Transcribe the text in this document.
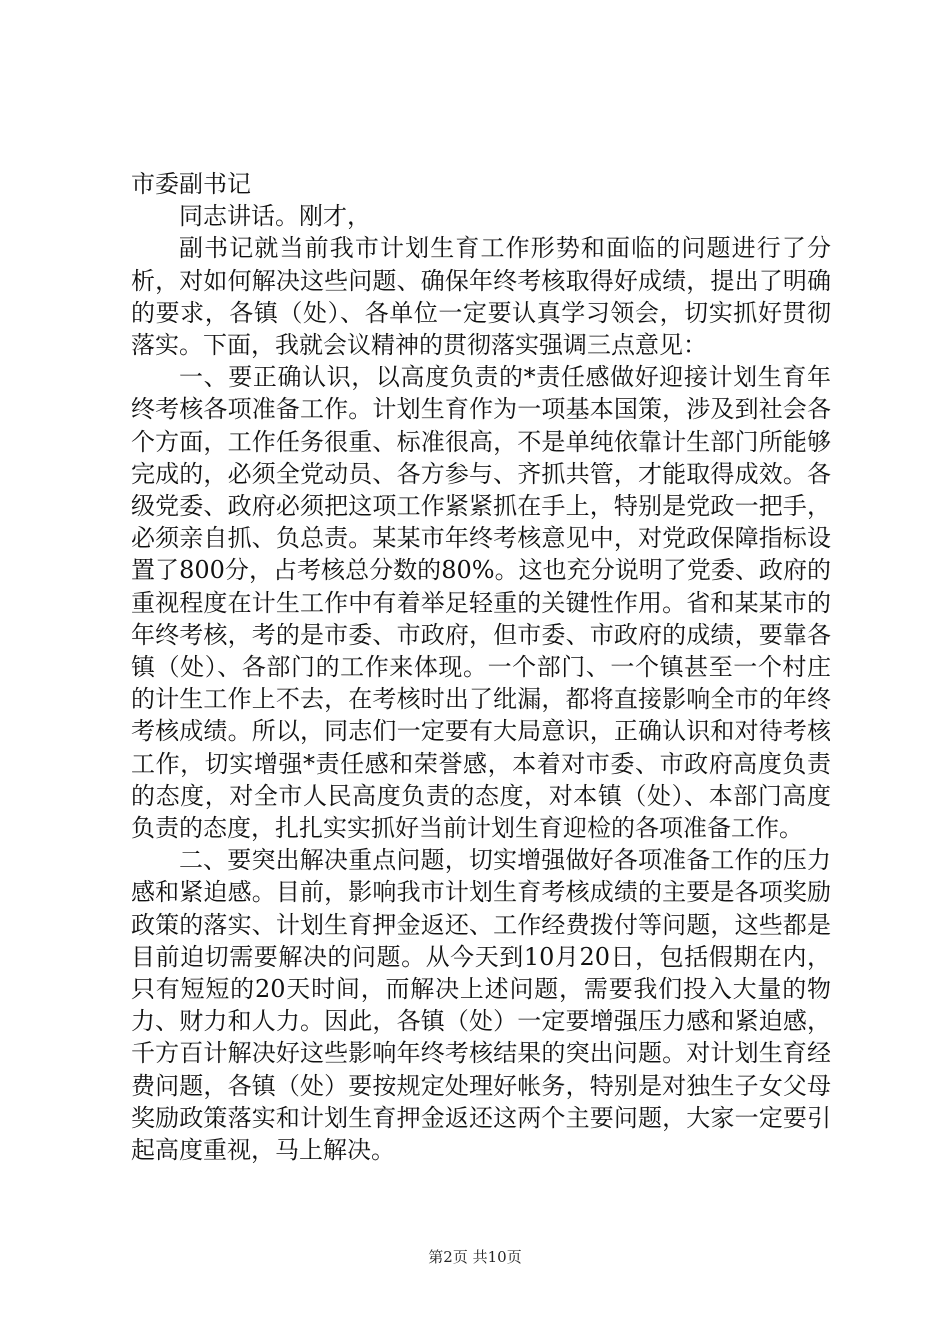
市委副书记

同志讲话。刚才，

副书记就当前我市计划生育工作形势和面临的问题进行了分析，对如何解决这些问题、确保年终考核取得好成绩，提出了明确的要求，各镇（处）、各单位一定要认真学习领会，切实抓好贯彻落实。下面，我就会议精神的贯彻落实强调三点意见：

一、要正确认识，以高度负责的*责任感做好迎接计划生育年终考核各项准备工作。计划生育作为一项基本国策，涉及到社会各个方面，工作任务很重、标准很高，不是单纯依靠计生部门所能够完成的，必须全党动员、各方参与、齐抓共管，才能取得成效。各级党委、政府必须把这项工作紧紧抓在手上，特别是党政一把手，必须亲自抓、负总责。某某市年终考核意见中，对党政保障指标设置了800分，占考核总分数的80%。这也充分说明了党委、政府的重视程度在计生工作中有着举足轻重的关键性作用。省和某某市的年终考核，考的是市委、市政府，但市委、市政府的成绩，要靠各镇（处）、各部门的工作来体现。一个部门、一个镇甚至一个村庄的计生工作上不去，在考核时出了纰漏，都将直接影响全市的年终考核成绩。所以，同志们一定要有大局意识，正确认识和对待考核工作，切实增强*责任感和荣誉感，本着对市委、市政府高度负责的态度，对全市人民高度负责的态度，对本镇（处）、本部门高度负责的态度，扎扎实实抓好当前计划生育迎检的各项准备工作。

二、要突出解决重点问题，切实增强做好各项准备工作的压力感和紧迫感。目前，影响我市计划生育考核成绩的主要是各项奖励政策的落实、计划生育押金返还、工作经费拨付等问题，这些都是目前迫切需要解决的问题。从今天到10月20日，包括假期在内，只有短短的20天时间，而解决上述问题，需要我们投入大量的物力、财力和人力。因此，各镇（处）一定要增强压力感和紧迫感，千方百计解决好这些影响年终考核结果的突出问题。对计划生育经费问题，各镇（处）要按规定处理好帐务，特别是对独生子女父母奖励政策落实和计划生育押金返还这两个主要问题，大家一定要引起高度重视，马上解决。

第2页 共10页
